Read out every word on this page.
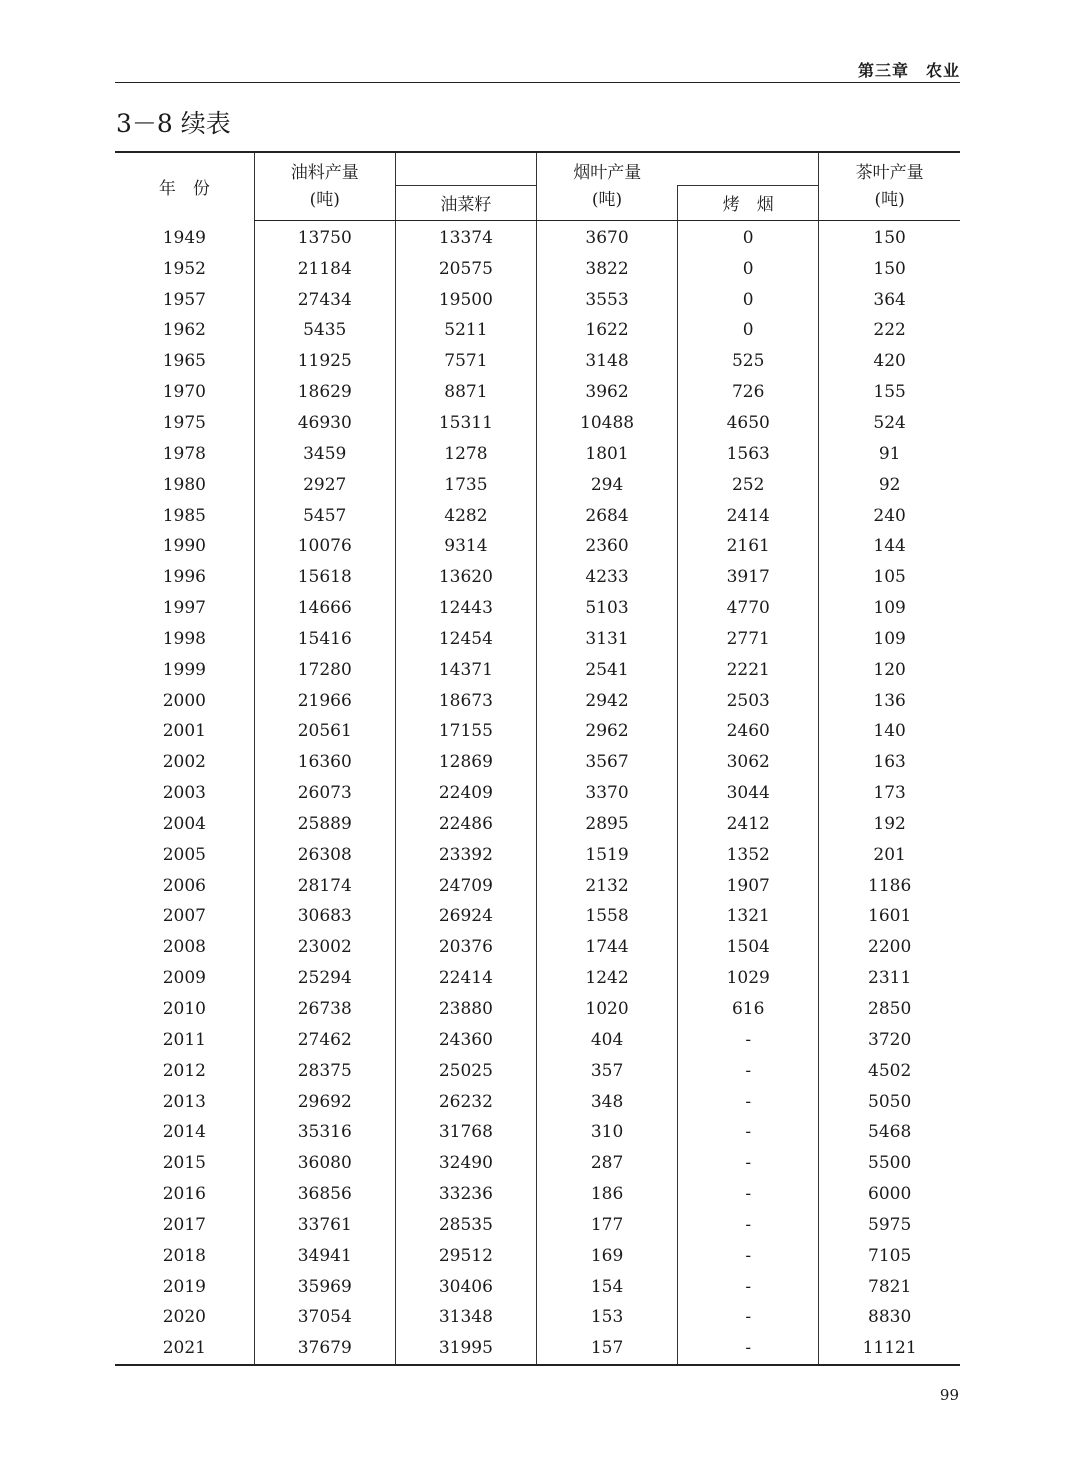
第三章　农业
3－8 续表
年　份	油料产量		烟叶产量		茶叶产量
	(吨)	油菜籽	(吨)	烤　烟	(吨)
1949	13750	13374	3670	0	150
1952	21184	20575	3822	0	150
1957	27434	19500	3553	0	364
1962	5435	5211	1622	0	222
1965	11925	7571	3148	525	420
1970	18629	8871	3962	726	155
1975	46930	15311	10488	4650	524
1978	3459	1278	1801	1563	91
1980	2927	1735	294	252	92
1985	5457	4282	2684	2414	240
1990	10076	9314	2360	2161	144
1996	15618	13620	4233	3917	105
1997	14666	12443	5103	4770	109
1998	15416	12454	3131	2771	109
1999	17280	14371	2541	2221	120
2000	21966	18673	2942	2503	136
2001	20561	17155	2962	2460	140
2002	16360	12869	3567	3062	163
2003	26073	22409	3370	3044	173
2004	25889	22486	2895	2412	192
2005	26308	23392	1519	1352	201
2006	28174	24709	2132	1907	1186
2007	30683	26924	1558	1321	1601
2008	23002	20376	1744	1504	2200
2009	25294	22414	1242	1029	2311
2010	26738	23880	1020	616	2850
2011	27462	24360	404	-	3720
2012	28375	25025	357	-	4502
2013	29692	26232	348	-	5050
2014	35316	31768	310	-	5468
2015	36080	32490	287	-	5500
2016	36856	33236	186	-	6000
2017	33761	28535	177	-	5975
2018	34941	29512	169	-	7105
2019	35969	30406	154	-	7821
2020	37054	31348	153	-	8830
2021	37679	31995	157	-	11121
99
